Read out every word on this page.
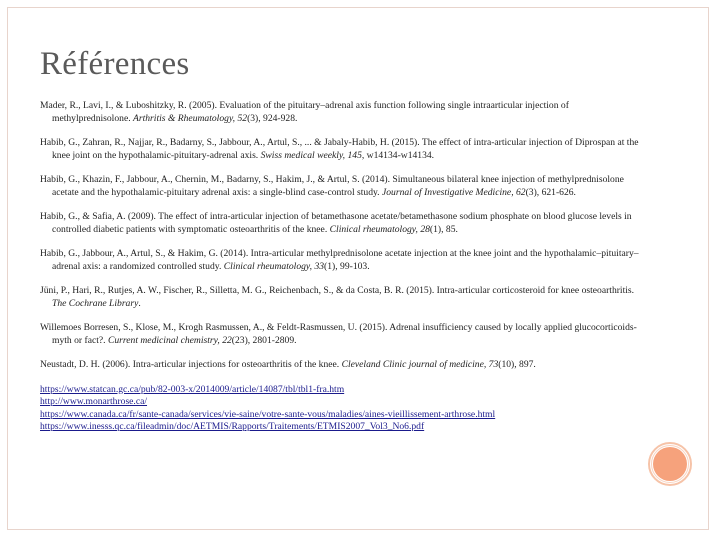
Références
Mader, R., Lavi, I., & Luboshitzky, R. (2005). Evaluation of the pituitary–adrenal axis function following single intraarticular injection of methylprednisolone. Arthritis & Rheumatology, 52(3), 924-928.
Habib, G., Zahran, R., Najjar, R., Badarny, S., Jabbour, A., Artul, S., ... & Jabaly-Habib, H. (2015). The effect of intra-articular injection of Diprospan at the knee joint on the hypothalamic-pituitary-adrenal axis. Swiss medical weekly, 145, w14134-w14134.
Habib, G., Khazin, F., Jabbour, A., Chernin, M., Badarny, S., Hakim, J., & Artul, S. (2014). Simultaneous bilateral knee injection of methylprednisolone acetate and the hypothalamic-pituitary adrenal axis: a single-blind case-control study. Journal of Investigative Medicine, 62(3), 621-626.
Habib, G., & Safia, A. (2009). The effect of intra-articular injection of betamethasone acetate/betamethasone sodium phosphate on blood glucose levels in controlled diabetic patients with symptomatic osteoarthritis of the knee. Clinical rheumatology, 28(1), 85.
Habib, G., Jabbour, A., Artul, S., & Hakim, G. (2014). Intra-articular methylprednisolone acetate injection at the knee joint and the hypothalamic–pituitary–adrenal axis: a randomized controlled study. Clinical rheumatology, 33(1), 99-103.
Jüni, P., Hari, R., Rutjes, A. W., Fischer, R., Silletta, M. G., Reichenbach, S., & da Costa, B. R. (2015). Intra‐articular corticosteroid for knee osteoarthritis. The Cochrane Library.
Willemoes Borresen, S., Klose, M., Krogh Rasmussen, A., & Feldt-Rasmussen, U. (2015). Adrenal insufficiency caused by locally applied glucocorticoids-myth or fact?. Current medicinal chemistry, 22(23), 2801-2809.
Neustadt, D. H. (2006). Intra-articular injections for osteoarthritis of the knee. Cleveland Clinic journal of medicine, 73(10), 897.
https://www.statcan.gc.ca/pub/82-003-x/2014009/article/14087/tbl/tbl1-fra.htm
http://www.monarthrose.ca/
https://www.canada.ca/fr/sante-canada/services/vie-saine/votre-sante-vous/maladies/aines-vieillissement-arthrose.html
https://www.inesss.qc.ca/fileadmin/doc/AETMIS/Rapports/Traitements/ETMIS2007_Vol3_No6.pdf
